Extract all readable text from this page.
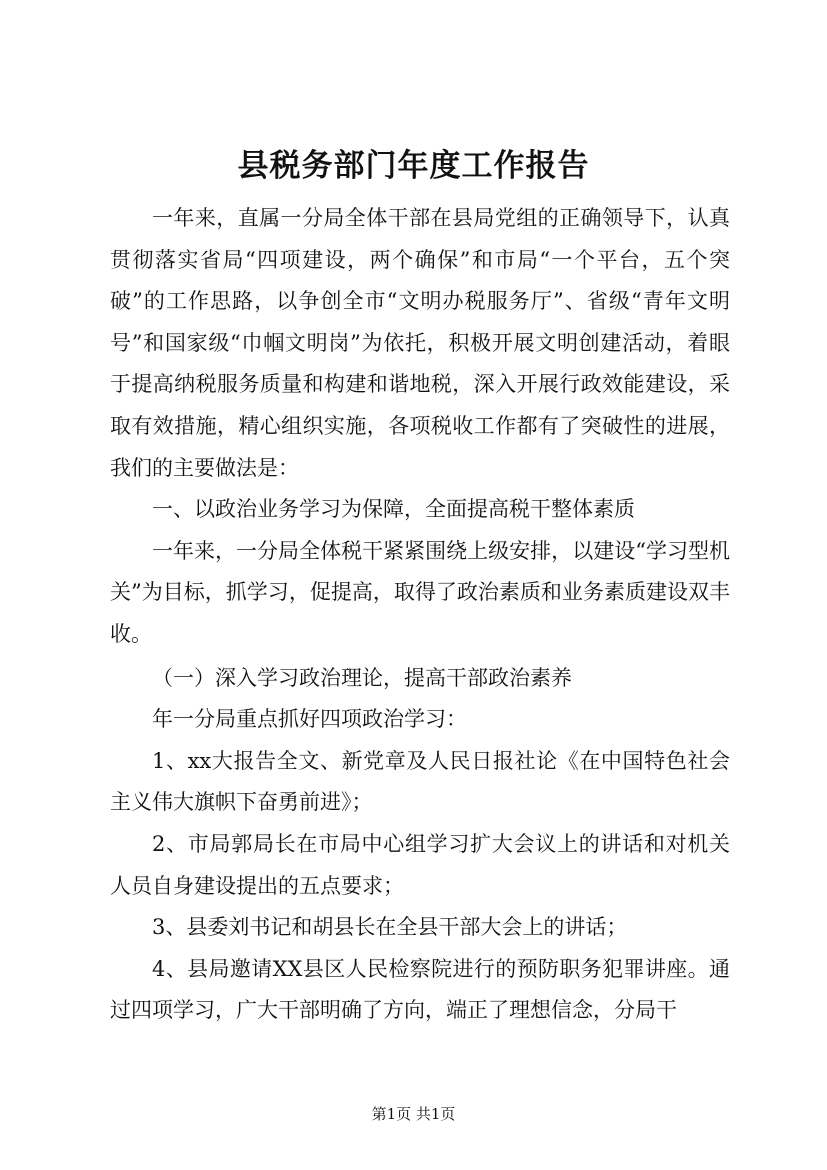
县税务部门年度工作报告

一年来，直属一分局全体干部在县局党组的正确领导下，认真贯彻落实省局“四项建设，两个确保”和市局“一个平台，五个突破”的工作思路，以争创全市“文明办税服务厅”、省级“青年文明号”和国家级“巾帼文明岗”为依托，积极开展文明创建活动，着眼于提高纳税服务质量和构建和谐地税，深入开展行政效能建设，采取有效措施，精心组织实施，各项税收工作都有了突破性的进展，我们的主要做法是：

一、以政治业务学习为保障，全面提高税干整体素质

一年来，一分局全体税干紧紧围绕上级安排，以建设“学习型机关”为目标，抓学习，促提高，取得了政治素质和业务素质建设双丰收。

（一）深入学习政治理论，提高干部政治素养

年一分局重点抓好四项政治学习：

1、xx大报告全文、新党章及人民日报社论《在中国特色社会主义伟大旗帜下奋勇前进》；

2、市局郭局长在市局中心组学习扩大会议上的讲话和对机关人员自身建设提出的五点要求；

3、县委刘书记和胡县长在全县干部大会上的讲话；

4、县局邀请XX县区人民检察院进行的预防职务犯罪讲座。通过四项学习，广大干部明确了方向，端正了理想信念，分局干

第1页 共1页
